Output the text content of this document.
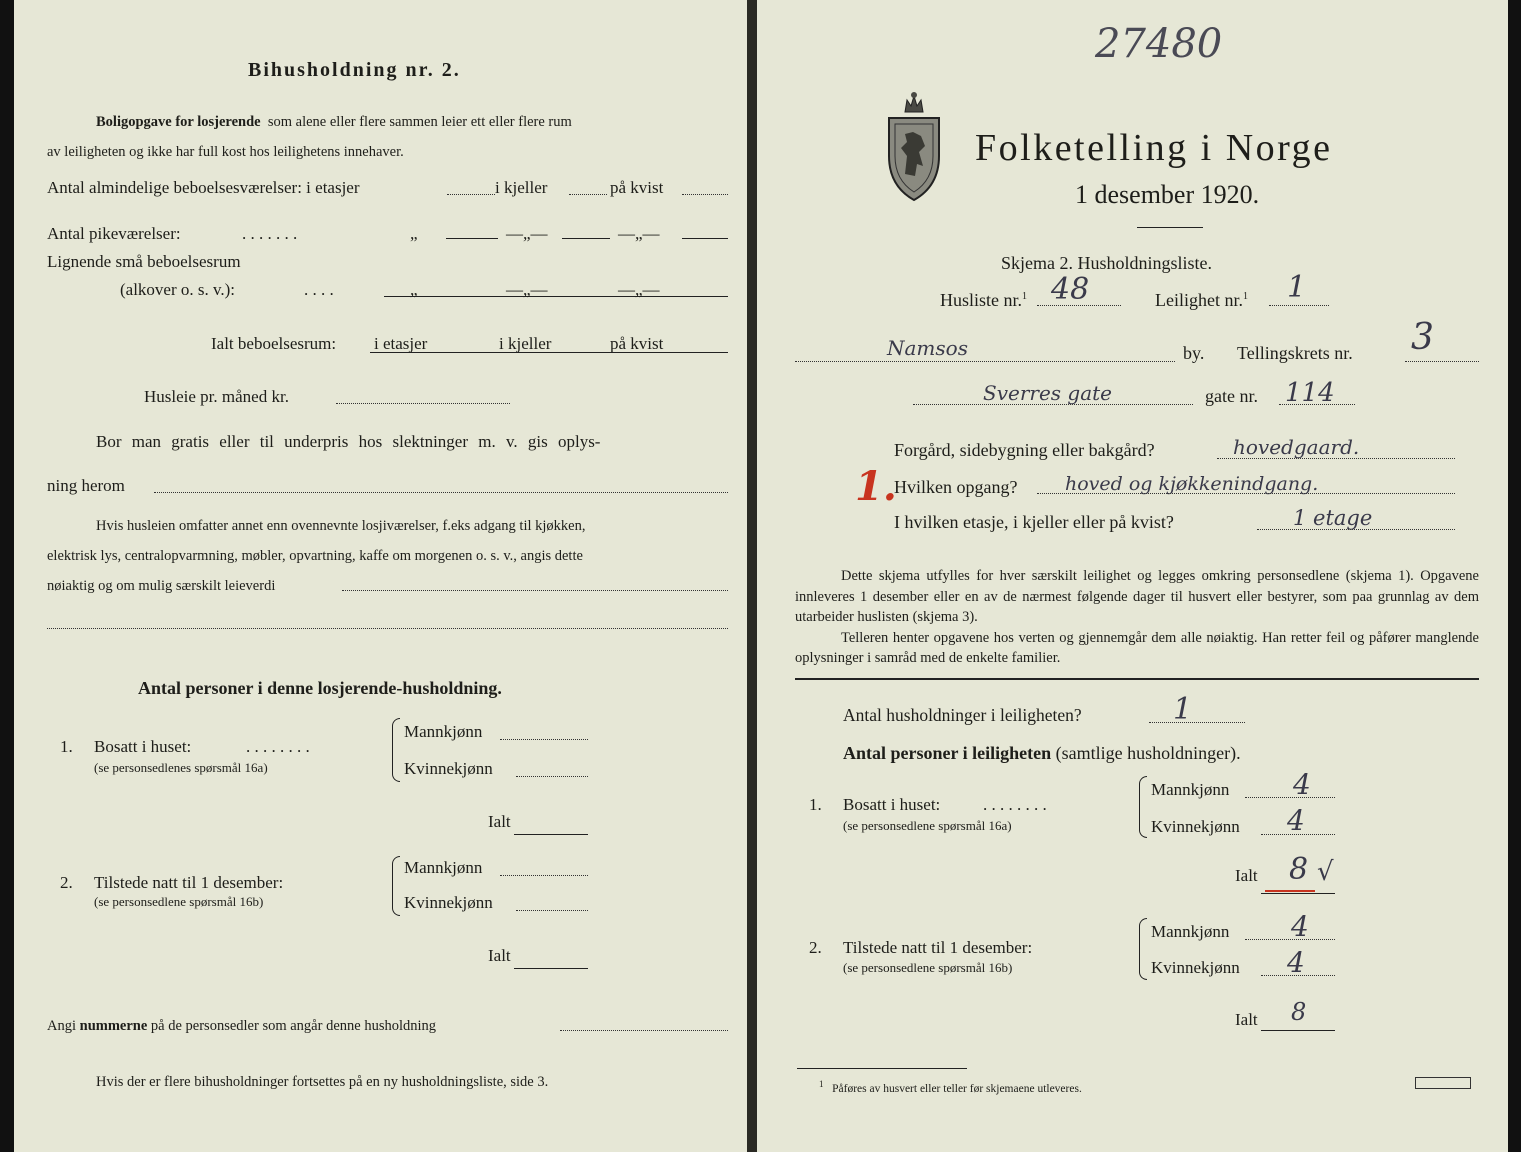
Bihusholdning nr. 2.
Boligopgave for losjerende som alene eller flere sammen leier ett eller flere rum
av leiligheten og ikke har full kost hos leilighetens innehaver.
Antal almindelige beboelsesværelser: i etasjer	i kjeller	på kvist
Antal pikeværelser:	. . . . . . .	„	—„—	—„—
Lignende små beboelsesrum
(alkover o. s. v.):	. . . .	„	—„—	—„—
Ialt beboelsesrum: i etasjer	i kjeller	på kvist
Husleie pr. måned kr.
Bor man gratis eller til underpris hos slektninger m. v. gis oplys-
ning herom
Hvis husleien omfatter annet enn ovennevnte losjiværelser, f.eks adgang til kjøkken,
elektrisk lys, centralopvarmning, møbler, opvartning, kaffe om morgenen o. s. v., angis dette
nøiaktig og om mulig særskilt leieverdi
Antal personer i denne losjerende-husholdning.
1. Bosatt i huset:	. . . . . . . .
(se personsedlenes spørsmål 16a)
Mannkjønn
Kvinnekjønn
Ialt
2. Tilstede natt til 1 desember:
(se personsedlene spørsmål 16b)
Mannkjønn
Kvinnekjønn
Ialt
Angi nummerne på de personsedler som angår denne husholdning
Hvis der er flere bihusholdninger fortsettes på en ny husholdningsliste, side 3.
27480
Folketelling i Norge
1 desember 1920.
Skjema 2. Husholdningsliste.
Husliste nr.$^1$ 48	Leilighet nr.$^1$ 1
Namsos	by. Tellingskrets nr. 3
Sverres gate	gate nr. 114
Forgård, sidebygning eller bakgård?	hovedgaard.
1.
Hvilken opgang?	hoved og kjøkkenindgang.
I hvilken etasje, i kjeller eller på kvist?	1 etage

Dette skjema utfylles for hver særskilt leilighet og legges omkring personsedlene (skjema 1). Opgavene innleveres 1 desember eller en av de nærmest følgende dager til husvert eller bestyrer, som paa grunnlag av dem utarbeider huslisten (skjema 3).

Telleren henter opgavene hos verten og gjennemgår dem alle nøiaktig. Han retter feil og påfører manglende oplysninger i samråd med de enkelte familier.

Antal husholdninger i leiligheten?	1
Antal personer i leiligheten (samtlige husholdninger).
1. Bosatt i huset:	. . . . . . . .
(se personsedlene spørsmål 16a)
Mannkjønn 4
Kvinnekjønn 4
Ialt 8 √
2. Tilstede natt til 1 desember:
(se personsedlene spørsmål 16b)
Mannkjønn 4
Kvinnekjønn 4
Ialt 8
$^1$ Påføres av husvert eller teller før skjemaene utleveres.
